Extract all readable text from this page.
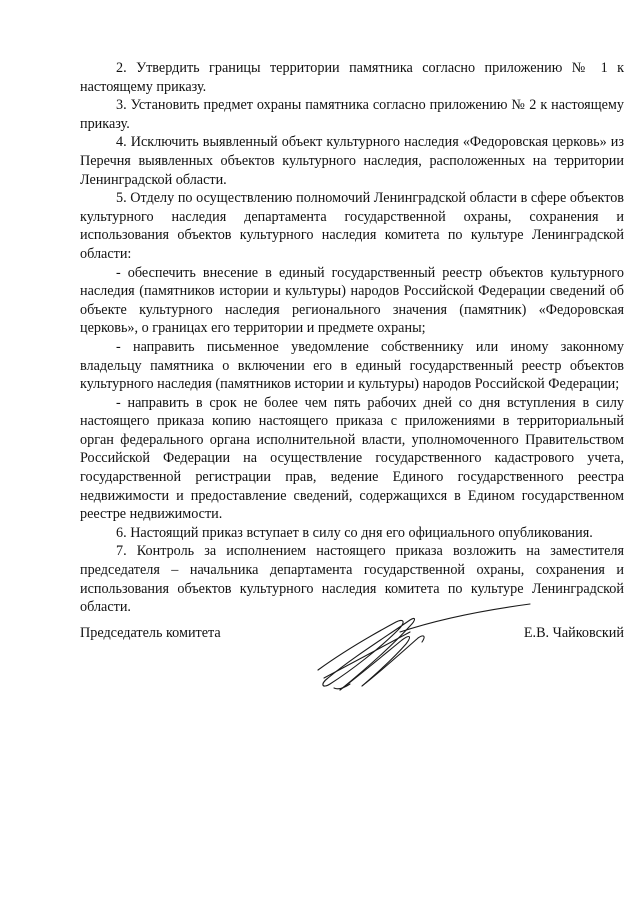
2. Утвердить границы территории памятника согласно приложению № 1 к настоящему приказу.

3. Установить предмет охраны памятника согласно приложению № 2 к настоящему приказу.

4. Исключить выявленный объект культурного наследия «Федоровская церковь» из Перечня выявленных объектов культурного наследия, расположенных на территории Ленинградской области.

5. Отделу по осуществлению полномочий Ленинградской области в сфере объектов культурного наследия департамента государственной охраны, сохранения и использования объектов культурного наследия комитета по культуре Ленинградской области:

- обеспечить внесение в единый государственный реестр объектов культурного наследия (памятников истории и культуры) народов Российской Федерации сведений об объекте культурного наследия регионального значения (памятник) «Федоровская церковь», о границах его территории и предмете охраны;

- направить письменное уведомление собственнику или иному законному владельцу памятника о включении его в единый государственный реестр объектов культурного наследия (памятников истории и культуры) народов Российской Федерации;

- направить в срок не более чем пять рабочих дней со дня вступления в силу настоящего приказа копию настоящего приказа с приложениями в территориальный орган федерального органа исполнительной власти, уполномоченного Правительством Российской Федерации на осуществление государственного кадастрового учета, государственной регистрации прав, ведение Единого государственного реестра недвижимости и предоставление сведений, содержащихся в Едином государственном реестре недвижимости.

6. Настоящий приказ вступает в силу со дня его официального опубликования.

7. Контроль за исполнением настоящего приказа возложить на заместителя председателя – начальника департамента государственной охраны, сохранения и использования объектов культурного наследия комитета по культуре Ленинградской области.

Председатель комитета	Е.В. Чайковский
